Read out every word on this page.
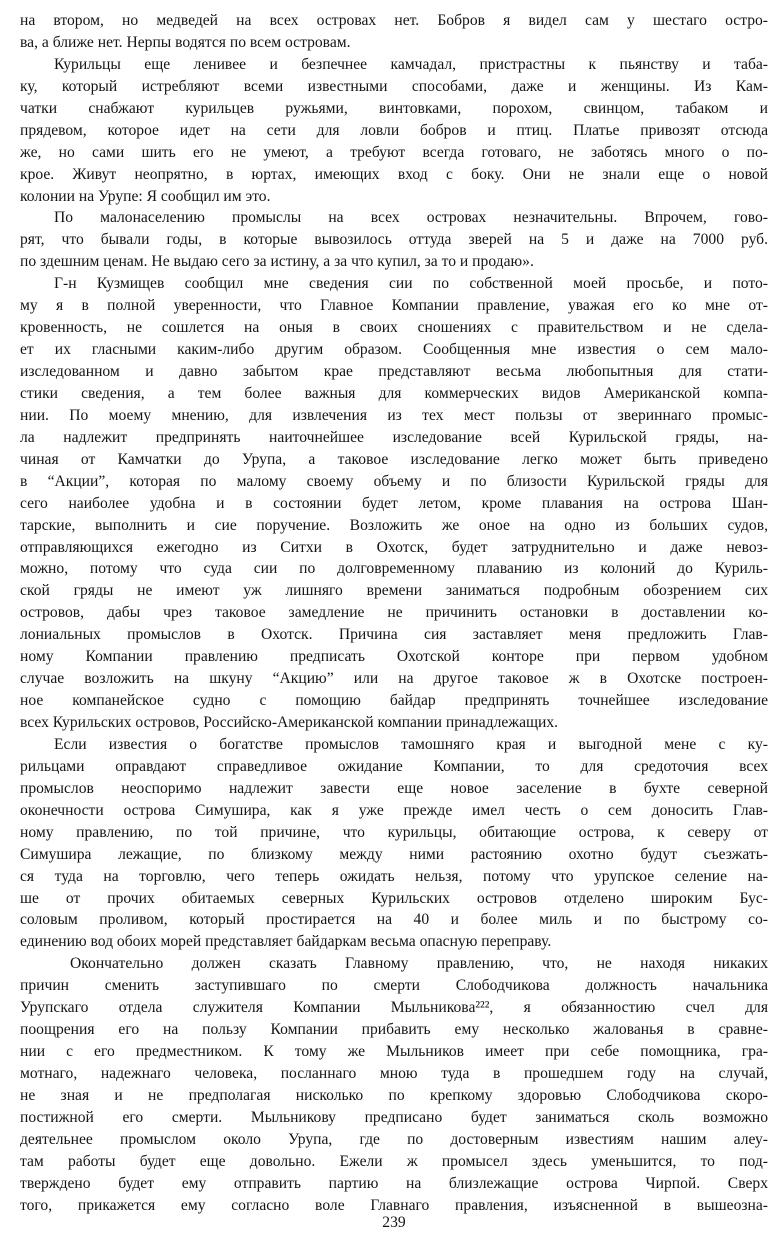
на втором, но медведей на всех островах нет. Бобров я видел сам у шестаго остро-
ва, а ближе нет. Нерпы водятся по всем островам.
Курильцы еще ленивее и безпечнее камчадал, пристрастны к пьянству и таба-
ку, который истребляют всеми известными способами, даже и женщины. Из Кам-
чатки снабжают курильцев ружьями, винтовками, порохом, свинцом, табаком и
прядевом, которое идет на сети для ловли бобров и птиц. Платье привозят отсюда
же, но сами шить его не умеют, а требуют всегда готоваго, не заботясь много о по-
крое. Живут неопрятно, в юртах, имеющих вход с боку. Они не знали еще о новой
колонии на Урупе: Я сообщил им это.
По малонаселению промыслы на всех островах незначительны. Впрочем, гово-
рят, что бывали годы, в которые вывозилось оттуда зверей на 5 и даже на 7000 руб.
по здешним ценам. Не выдаю сего за истину, а за что купил, за то и продаю».
Г-н Кузмищев сообщил мне сведения сии по собственной моей просьбе, и пото-
му я в полной уверенности, что Главное Компании правление, уважая его ко мне от-
кровенность, не сошлется на оныя в своих сношениях с правительством и не сдела-
ет их гласными каким-либо другим образом. Сообщенныя мне известия о сем мало-
изследованном и давно забытом крае представляют весьма любопытныя для стати-
стики сведения, а тем более важныя для коммерческих видов Американской компа-
нии. По моему мнению, для извлечения из тех мест пользы от звериннаго промыс-
ла надлежит предпринять наиточнейшее изследование всей Курильской гряды, на-
чиная от Камчатки до Урупа, а таковое изследование легко может быть приведено
в “Акции”, которая по малому своему объему и по близости Курильской гряды для
сего наиболее удобна и в состоянии будет летом, кроме плавания на острова Шан-
тарские, выполнить и сие поручение. Возложить же оное на одно из больших судов,
отправляющихся ежегодно из Ситхи в Охотск, будет затруднительно и даже невоз-
можно, потому что суда сии по долговременному плаванию из колоний до Куриль-
ской гряды не имеют уж лишняго времени заниматься подробным обозрением сих
островов, дабы чрез таковое замедление не причинить остановки в доставлении ко-
лониальных промыслов в Охотск. Причина сия заставляет меня предложить Глав-
ному Компании правлению предписать Охотской конторе при первом удобном
случае возложить на шкуну “Акцию” или на другое таковое ж в Охотске построен-
ное компанейское судно с помощию байдар предпринять точнейшее изследование
всех Курильских островов, Российско-Американской компании принадлежащих.
Если известия о богатстве промыслов тамошняго края и выгодной мене с ку-
рильцами оправдают справедливое ожидание Компании, то для средоточия всех
промыслов неоспоримо надлежит завести еще новое заселение в бухте северной
оконечности острова Симушира, как я уже прежде имел честь о сем доносить Глав-
ному правлению, по той причине, что курильцы, обитающие острова, к северу от
Симушира лежащие, по близкому между ними растоянию охотно будут съезжать-
ся туда на торговлю, чего теперь ожидать нельзя, потому что урупское селение на-
ше от прочих обитаемых северных Курильских островов отделено широким Бус-
соловым проливом, который простирается на 40 и более миль и по быстрому со-
единению вод обоих морей представляет байдаркам весьма опасную переправу.
Окончательно должен сказать Главному правлению, что, не находя никаких
причин сменить заступившаго по смерти Слободчикова должность начальника
Урупскаго отдела служителя Компании Мыльникова²²², я обязанностию счел для
поощрения его на пользу Компании прибавить ему несколько жалованья в сравне-
нии с его предместником. К тому же Мыльников имеет при себе помощника, гра-
мотнаго, надежнаго человека, посланнаго мною туда в прошедшем году на случай,
не зная и не предполагая нисколько по крепкому здоровью Слободчикова скоро-
постижной его смерти. Мыльникову предписано будет заниматься сколь возможно
деятельнее промыслом около Урупа, где по достоверным известиям нашим алеу-
там работы будет еще довольно. Ежели ж промысел здесь уменьшится, то под-
тверждено будет ему отправить партию на близлежащие острова Чирпой. Сверх
того, прикажется ему согласно воле Главнаго правления, изъясненной в вышеозна-
239
